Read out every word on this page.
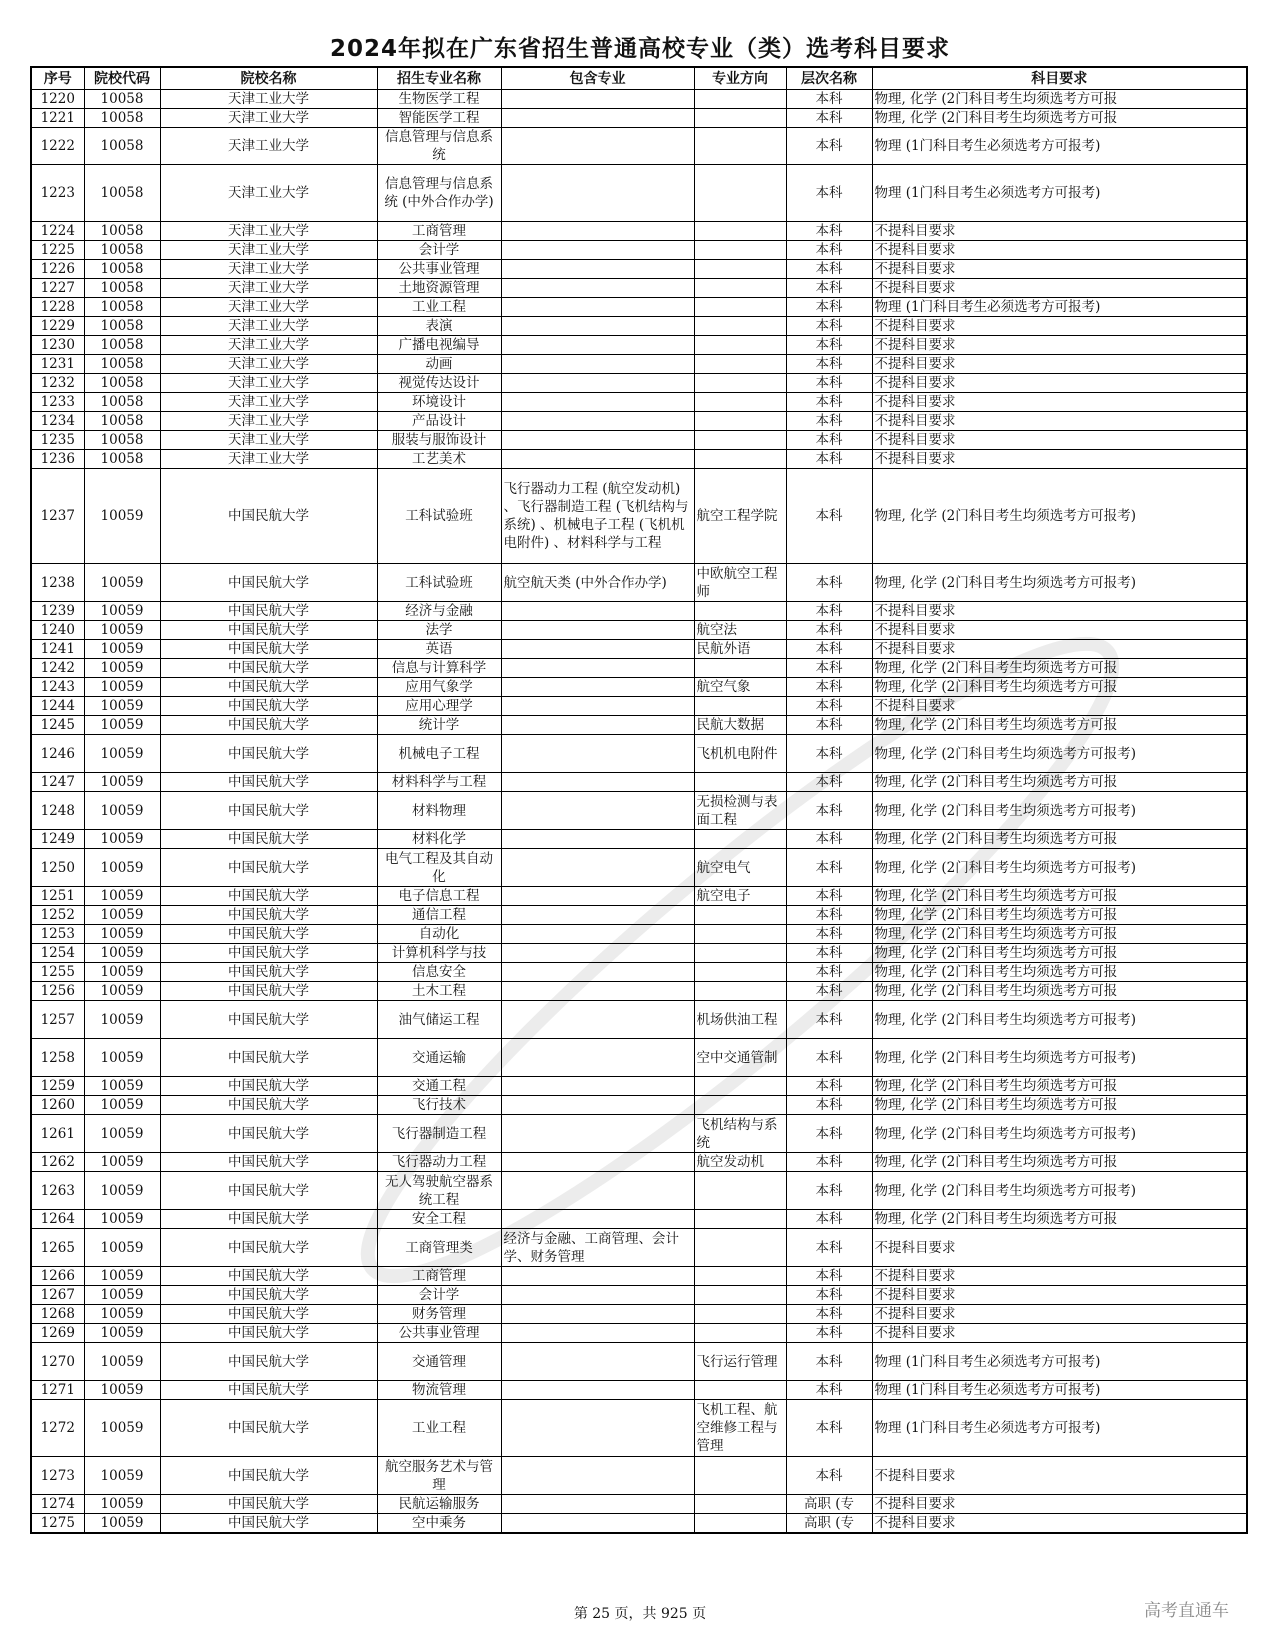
2024年拟在广东省招生普通高校专业（类）选考科目要求
序号	院校代码	院校名称	招生专业名称	包含专业	专业方向	层次名称	科目要求
1220	10058	天津工业大学	生物医学工程			本科	物理, 化学 (2门科目考生均须选考方可报
1221	10058	天津工业大学	智能医学工程			本科	物理, 化学 (2门科目考生均须选考方可报
1222	10058	天津工业大学	信息管理与信息系统			本科	物理 (1门科目考生必须选考方可报考)
1223	10058	天津工业大学	信息管理与信息系统 (中外合作办学)			本科	物理 (1门科目考生必须选考方可报考)
1224	10058	天津工业大学	工商管理			本科	不提科目要求
1225	10058	天津工业大学	会计学			本科	不提科目要求
1226	10058	天津工业大学	公共事业管理			本科	不提科目要求
1227	10058	天津工业大学	土地资源管理			本科	不提科目要求
1228	10058	天津工业大学	工业工程			本科	物理 (1门科目考生必须选考方可报考)
1229	10058	天津工业大学	表演			本科	不提科目要求
1230	10058	天津工业大学	广播电视编导			本科	不提科目要求
1231	10058	天津工业大学	动画			本科	不提科目要求
1232	10058	天津工业大学	视觉传达设计			本科	不提科目要求
1233	10058	天津工业大学	环境设计			本科	不提科目要求
1234	10058	天津工业大学	产品设计			本科	不提科目要求
1235	10058	天津工业大学	服装与服饰设计			本科	不提科目要求
1236	10058	天津工业大学	工艺美术			本科	不提科目要求
1237	10059	中国民航大学	工科试验班	飞行器动力工程 (航空发动机) 、飞行器制造工程 (飞机结构与系统) 、机械电子工程 (飞机机电附件) 、材料科学与工程	航空工程学院	本科	物理, 化学 (2门科目考生均须选考方可报考)
1238	10059	中国民航大学	工科试验班	航空航天类 (中外合作办学)	中欧航空工程师	本科	物理, 化学 (2门科目考生均须选考方可报考)
1239	10059	中国民航大学	经济与金融			本科	不提科目要求
1240	10059	中国民航大学	法学		航空法	本科	不提科目要求
1241	10059	中国民航大学	英语		民航外语	本科	不提科目要求
1242	10059	中国民航大学	信息与计算科学			本科	物理, 化学 (2门科目考生均须选考方可报
1243	10059	中国民航大学	应用气象学		航空气象	本科	物理, 化学 (2门科目考生均须选考方可报
1244	10059	中国民航大学	应用心理学			本科	不提科目要求
1245	10059	中国民航大学	统计学		民航大数据	本科	物理, 化学 (2门科目考生均须选考方可报
1246	10059	中国民航大学	机械电子工程		飞机机电附件	本科	物理, 化学 (2门科目考生均须选考方可报考)
1247	10059	中国民航大学	材料科学与工程			本科	物理, 化学 (2门科目考生均须选考方可报
1248	10059	中国民航大学	材料物理		无损检测与表面工程	本科	物理, 化学 (2门科目考生均须选考方可报考)
1249	10059	中国民航大学	材料化学			本科	物理, 化学 (2门科目考生均须选考方可报
1250	10059	中国民航大学	电气工程及其自动化		航空电气	本科	物理, 化学 (2门科目考生均须选考方可报考)
1251	10059	中国民航大学	电子信息工程		航空电子	本科	物理, 化学 (2门科目考生均须选考方可报
1252	10059	中国民航大学	通信工程			本科	物理, 化学 (2门科目考生均须选考方可报
1253	10059	中国民航大学	自动化			本科	物理, 化学 (2门科目考生均须选考方可报
1254	10059	中国民航大学	计算机科学与技			本科	物理, 化学 (2门科目考生均须选考方可报
1255	10059	中国民航大学	信息安全			本科	物理, 化学 (2门科目考生均须选考方可报
1256	10059	中国民航大学	土木工程			本科	物理, 化学 (2门科目考生均须选考方可报
1257	10059	中国民航大学	油气储运工程		机场供油工程	本科	物理, 化学 (2门科目考生均须选考方可报考)
1258	10059	中国民航大学	交通运输		空中交通管制	本科	物理, 化学 (2门科目考生均须选考方可报考)
1259	10059	中国民航大学	交通工程			本科	物理, 化学 (2门科目考生均须选考方可报
1260	10059	中国民航大学	飞行技术			本科	物理, 化学 (2门科目考生均须选考方可报
1261	10059	中国民航大学	飞行器制造工程		飞机结构与系统	本科	物理, 化学 (2门科目考生均须选考方可报考)
1262	10059	中国民航大学	飞行器动力工程		航空发动机	本科	物理, 化学 (2门科目考生均须选考方可报
1263	10059	中国民航大学	无人驾驶航空器系统工程			本科	物理, 化学 (2门科目考生均须选考方可报考)
1264	10059	中国民航大学	安全工程			本科	物理, 化学 (2门科目考生均须选考方可报
1265	10059	中国民航大学	工商管理类	经济与金融、工商管理、会计学、财务管理		本科	不提科目要求
1266	10059	中国民航大学	工商管理			本科	不提科目要求
1267	10059	中国民航大学	会计学			本科	不提科目要求
1268	10059	中国民航大学	财务管理			本科	不提科目要求
1269	10059	中国民航大学	公共事业管理			本科	不提科目要求
1270	10059	中国民航大学	交通管理		飞行运行管理	本科	物理 (1门科目考生必须选考方可报考)
1271	10059	中国民航大学	物流管理			本科	物理 (1门科目考生必须选考方可报考)
1272	10059	中国民航大学	工业工程		飞机工程、航空维修工程与管理	本科	物理 (1门科目考生必须选考方可报考)
1273	10059	中国民航大学	航空服务艺术与管理			本科	不提科目要求
1274	10059	中国民航大学	民航运输服务			高职 (专	不提科目要求
1275	10059	中国民航大学	空中乘务			高职 (专	不提科目要求
第 25 页，共 925 页	高考直通车
